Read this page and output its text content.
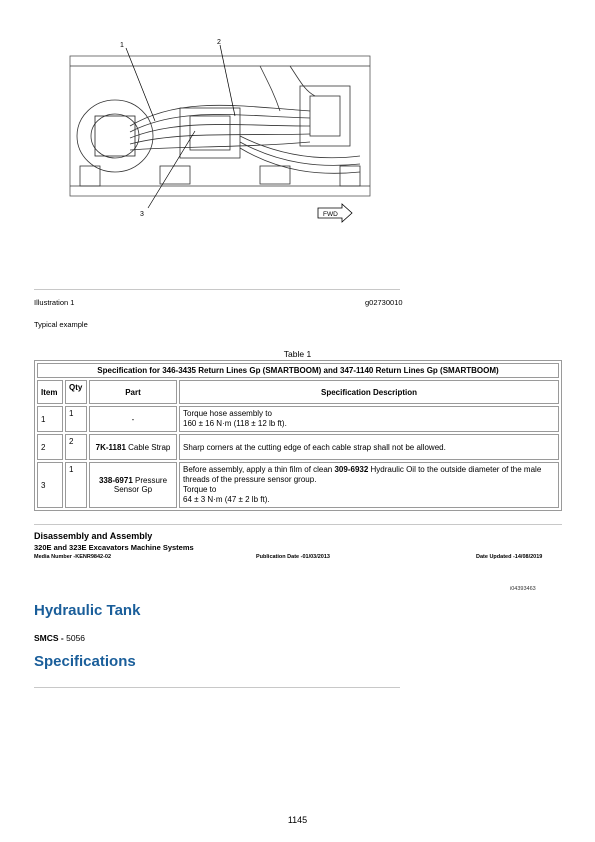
1	2
3	FWD
Illustration 1	g02730010
Typical example
Table 1
Specification for 346-3435 Return Lines Gp (SMARTBOOM) and 347-1140 Return Lines Gp (SMARTBOOM)			
Item	Qty	Part	Specification Description
1	1	-	Torque hose assembly to
160 ± 16 N·m (118 ± 12 lb ft).

2	2	7K-1181 Cable Strap	Sharp corners at the cutting edge of each cable strap shall not be allowed.
3	1	338-6971 Pressure Sensor Gp	Before assembly, apply a thin film of clean 309-6932 Hydraulic Oil to the outside diameter of the male threads of the pressure sensor group.
Torque to
64 ± 3 N·m (47 ± 2 lb ft).
Disassembly and Assembly
320E and 323E Excavators Machine Systems
Media Number -KENR9842-02	Publication Date -01/03/2013	Date Updated -14/08/2019
i04393463
Hydraulic Tank
SMCS - 5056
Specifications
1145
